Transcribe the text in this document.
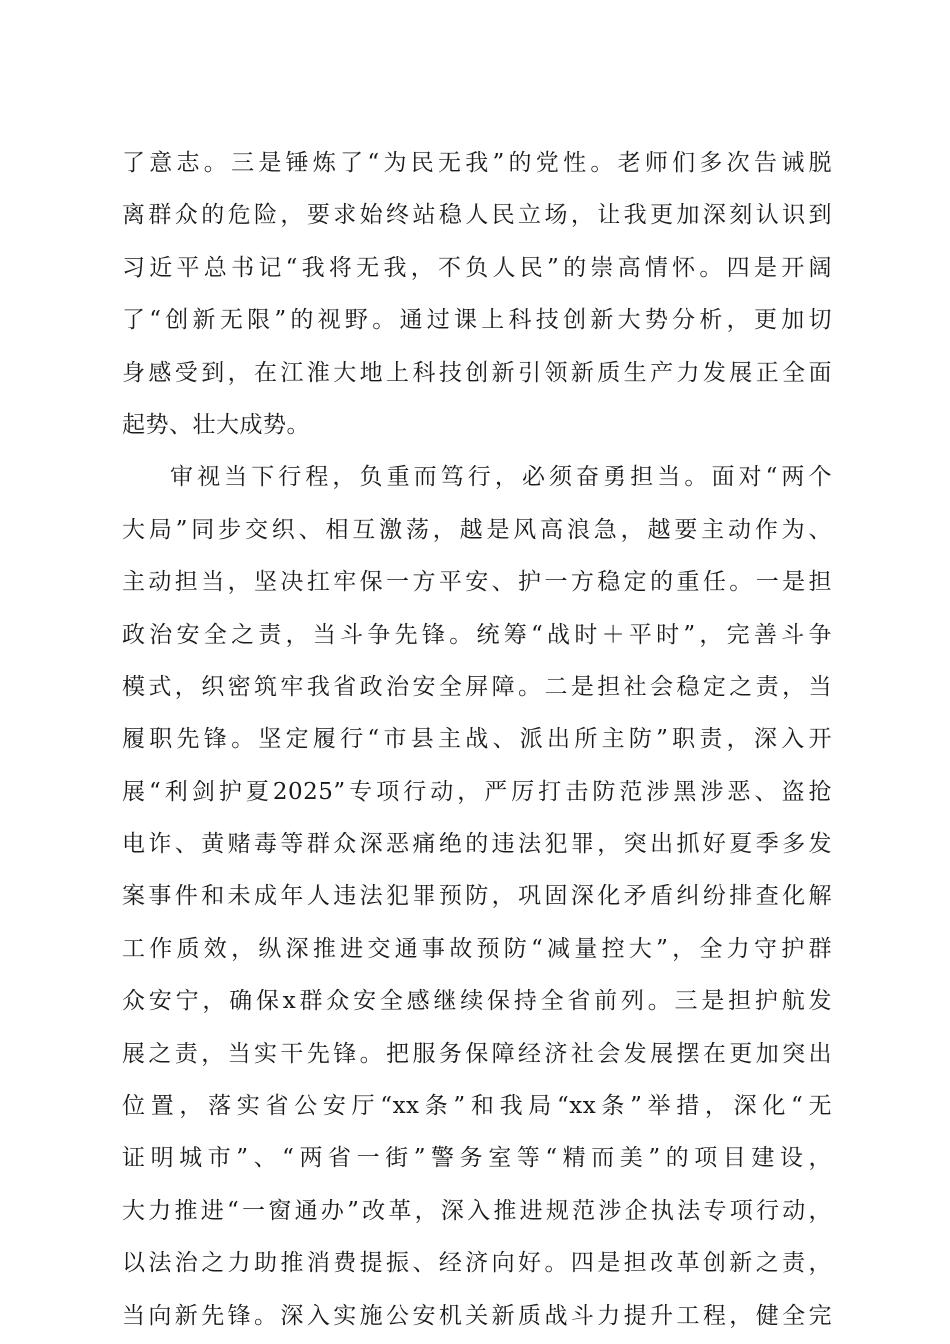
了意志。三是锤炼了“为民无我”的党性。老师们多次告诫脱
离群众的危险，要求始终站稳人民立场，让我更加深刻认识到
习近平总书记“我将无我，不负人民”的崇高情怀。四是开阔
了“创新无限”的视野。通过课上科技创新大势分析，更加切
身感受到，在江淮大地上科技创新引领新质生产力发展正全面
起势、壮大成势。
审视当下行程，负重而笃行，必须奋勇担当。面对“两个
大局”同步交织、相互激荡，越是风高浪急，越要主动作为、
主动担当，坚决扛牢保一方平安、护一方稳定的重任。一是担
政治安全之责，当斗争先锋。统筹“战时＋平时”，完善斗争
模式，织密筑牢我省政治安全屏障。二是担社会稳定之责，当
履职先锋。坚定履行“市县主战、派出所主防”职责，深入开
展“利剑护夏2025”专项行动，严厉打击防范涉黑涉恶、盗抢
电诈、黄赌毒等群众深恶痛绝的违法犯罪，突出抓好夏季多发
案事件和未成年人违法犯罪预防，巩固深化矛盾纠纷排查化解
工作质效，纵深推进交通事故预防“减量控大”，全力守护群
众安宁，确保x群众安全感继续保持全省前列。三是担护航发
展之责，当实干先锋。把服务保障经济社会发展摆在更加突出
位置，落实省公安厅“xx条”和我局“xx条”举措，深化“无
证明城市”、“两省一街”警务室等“精而美”的项目建设，
大力推进“一窗通办”改革，深入推进规范涉企执法专项行动，
以法治之力助推消费提振、经济向好。四是担改革创新之责，
当向新先锋。深入实施公安机关新质战斗力提升工程，健全完
